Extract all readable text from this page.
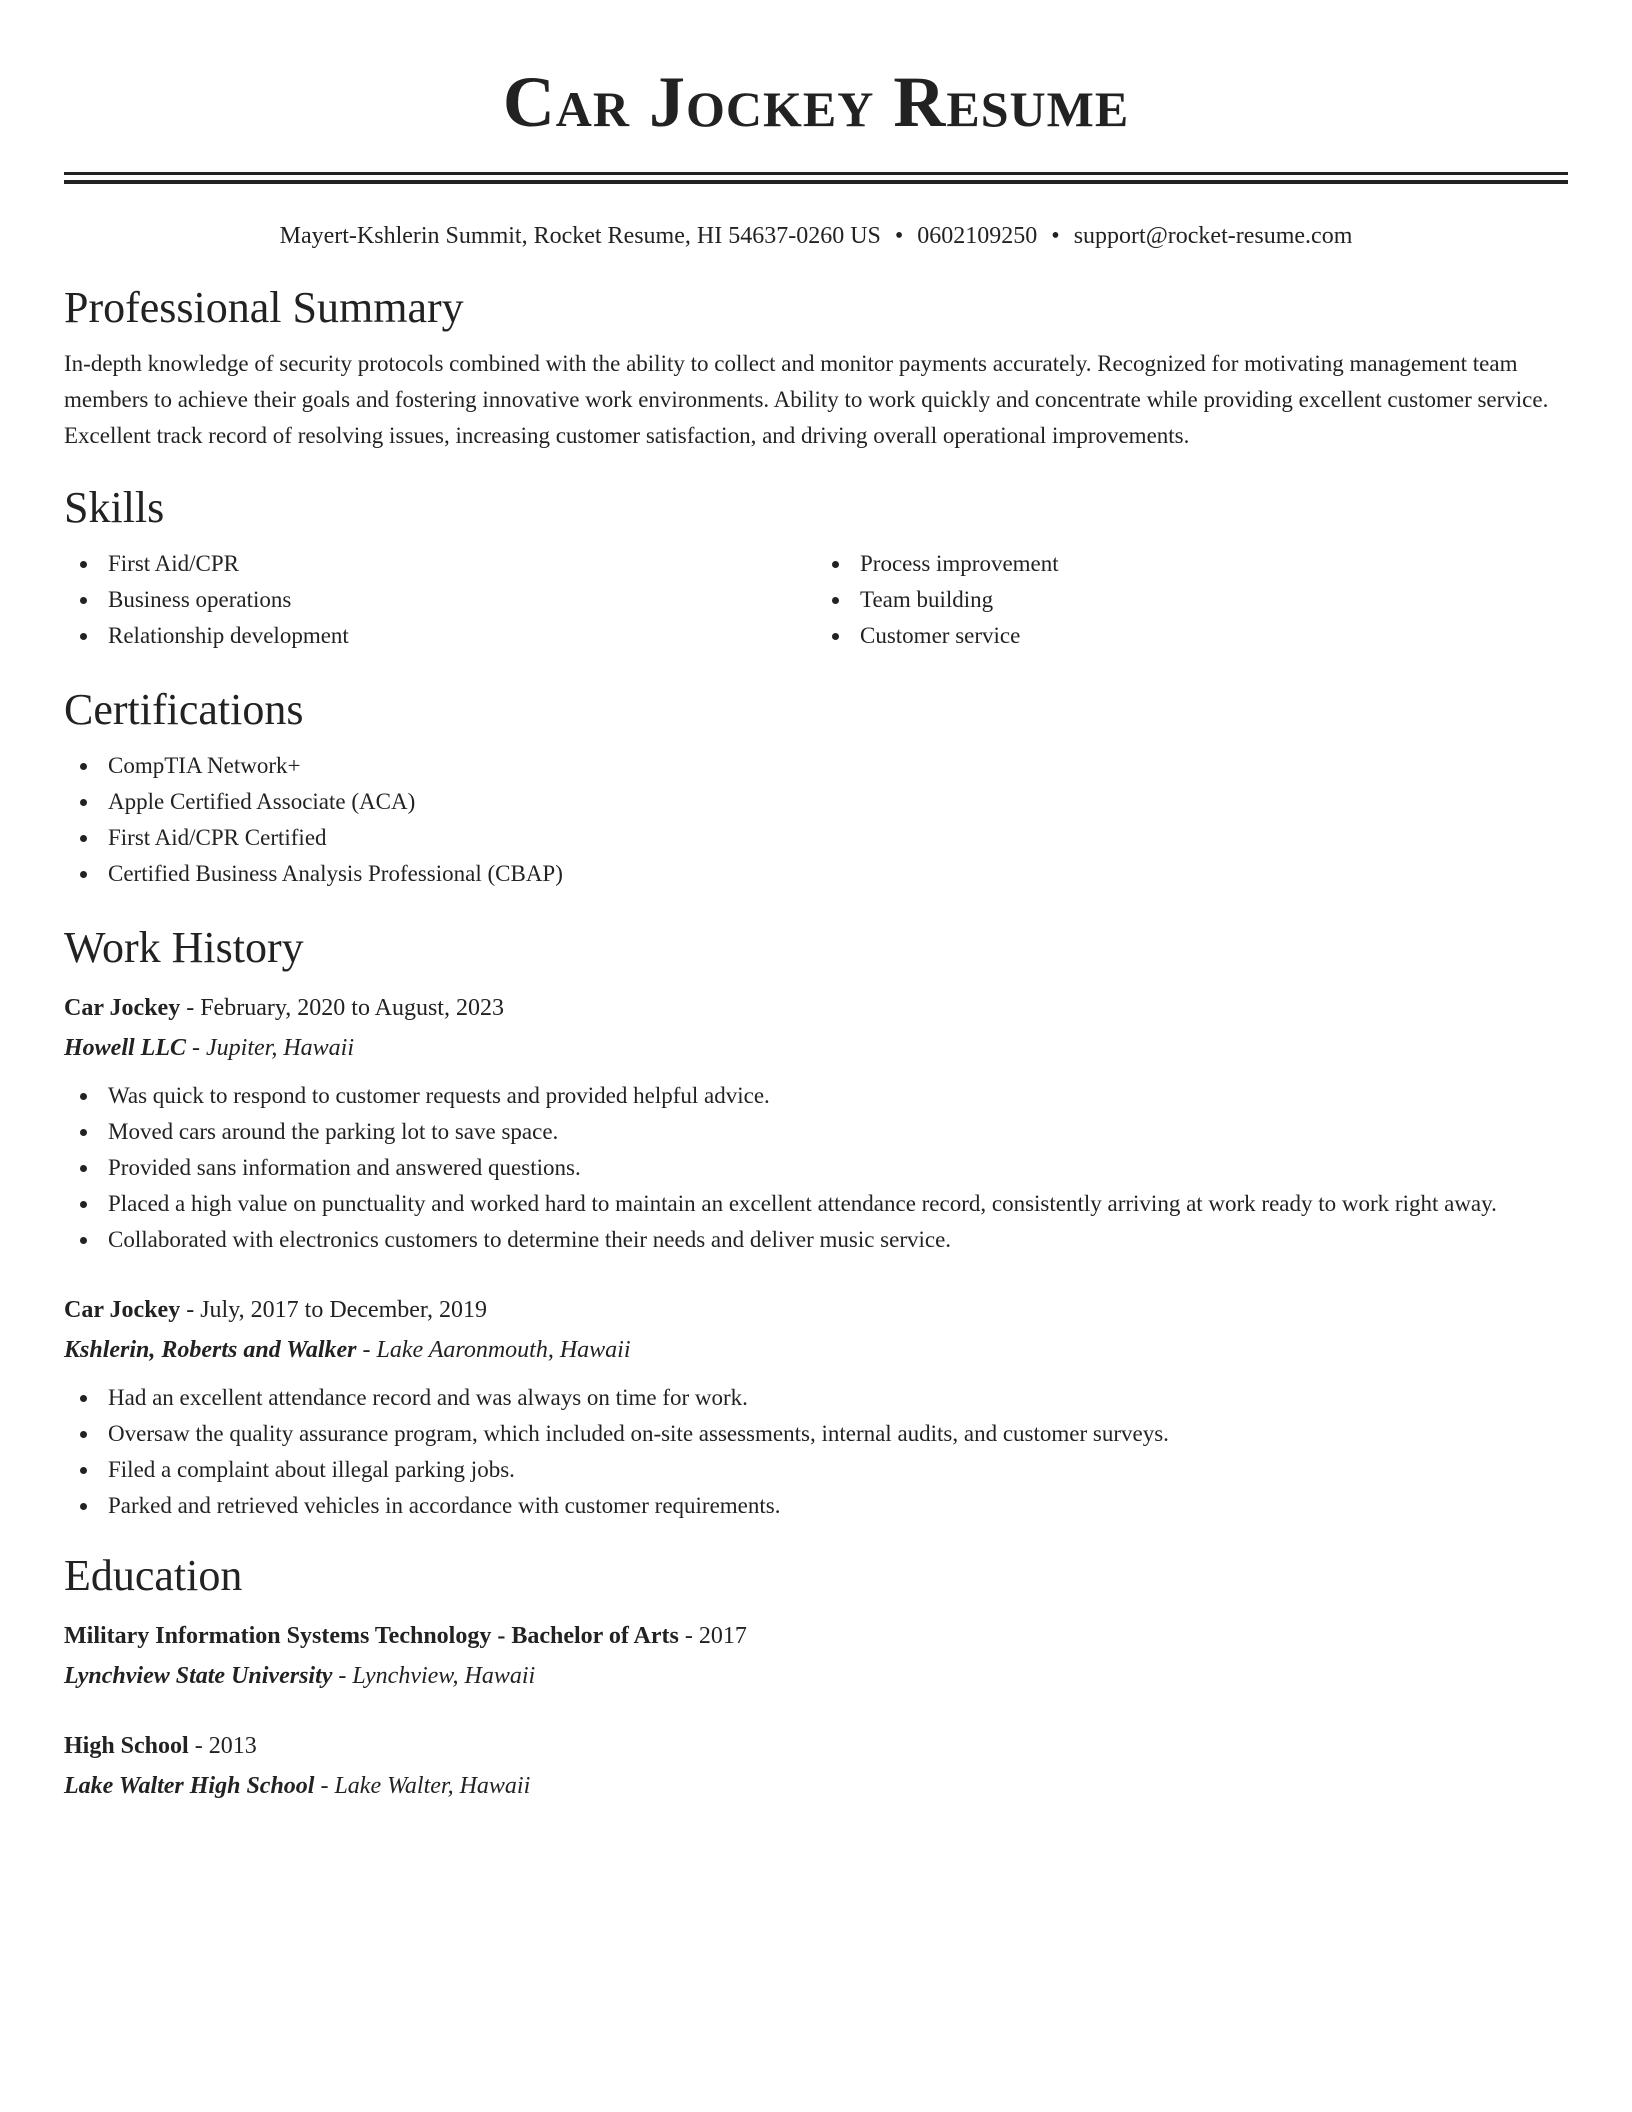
Car Jockey Resume
Mayert-Kshlerin Summit, Rocket Resume, HI 54637-0260 US • 0602109250 • support@rocket-resume.com
Professional Summary
In-depth knowledge of security protocols combined with the ability to collect and monitor payments accurately. Recognized for motivating management team members to achieve their goals and fostering innovative work environments. Ability to work quickly and concentrate while providing excellent customer service. Excellent track record of resolving issues, increasing customer satisfaction, and driving overall operational improvements.
Skills
First Aid/CPR
Business operations
Relationship development
Process improvement
Team building
Customer service
Certifications
CompTIA Network+
Apple Certified Associate (ACA)
First Aid/CPR Certified
Certified Business Analysis Professional (CBAP)
Work History
Car Jockey - February, 2020 to August, 2023
Howell LLC - Jupiter, Hawaii
Was quick to respond to customer requests and provided helpful advice.
Moved cars around the parking lot to save space.
Provided sans information and answered questions.
Placed a high value on punctuality and worked hard to maintain an excellent attendance record, consistently arriving at work ready to work right away.
Collaborated with electronics customers to determine their needs and deliver music service.
Car Jockey - July, 2017 to December, 2019
Kshlerin, Roberts and Walker - Lake Aaronmouth, Hawaii
Had an excellent attendance record and was always on time for work.
Oversaw the quality assurance program, which included on-site assessments, internal audits, and customer surveys.
Filed a complaint about illegal parking jobs.
Parked and retrieved vehicles in accordance with customer requirements.
Education
Military Information Systems Technology - Bachelor of Arts - 2017
Lynchview State University - Lynchview, Hawaii
High School - 2013
Lake Walter High School - Lake Walter, Hawaii
